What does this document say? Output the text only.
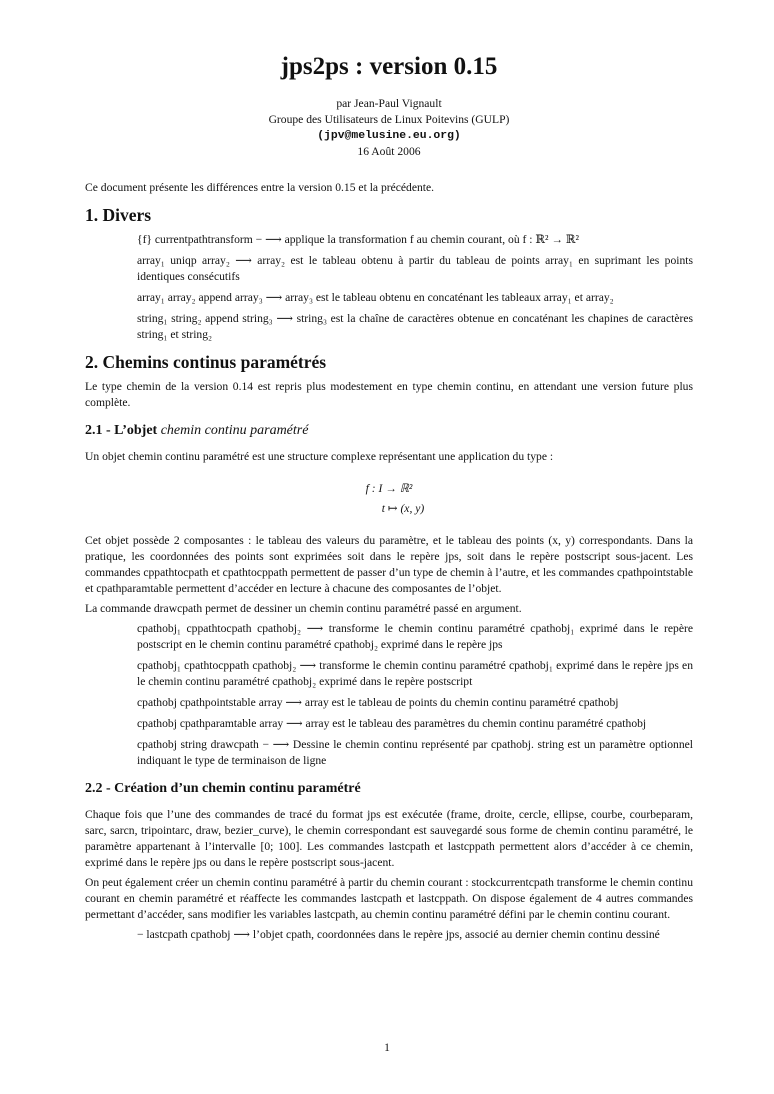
jps2ps : version 0.15
par Jean-Paul Vignault
Groupe des Utilisateurs de Linux Poitevins (GULP)
(jpv@melusine.eu.org)
16 Août 2006

Ce document présente les différences entre la version 0.15 et la précédente.

1. Divers

{f} currentpathtransform − ⟶ applique la transformation f au chemin courant, où f : ℝ² → ℝ²

array₁ uniqp array₂ ⟶ array₂ est le tableau obtenu à partir du tableau de points array₁ en suprimant les points identiques consécutifs

array₁ array₂ append array₃ ⟶ array₃ est le tableau obtenu en concaténant les tableaux array₁ et array₂

string₁ string₂ append string₃ ⟶ string₃ est la chaîne de caractères obtenue en concaténant les chapines de caractères string₁ et string₂

2. Chemins continus paramétrés

Le type chemin de la version 0.14 est repris plus modestement en type chemin continu, en attendant une version future plus complète.

2.1 - L’objet chemin continu paramétré

Un objet chemin continu paramétré est une structure complexe représentant une application du type :

f : I → ℝ²
t ↦ (x, y)

Cet objet possède 2 composantes : le tableau des valeurs du paramètre, et le tableau des points (x, y) correspondants. Dans la pratique, les coordonnées des points sont exprimées soit dans le repère jps, soit dans le repère postscript sous-jacent. Les commandes cppathtocpath et cpathtocppath permettent de passer d’un type de chemin à l’autre, et les commandes cpathpointstable et cpathparamtable permettent d’accéder en lecture à chacune des composantes de l’objet.

La commande drawcpath permet de dessiner un chemin continu paramétré passé en argument.

cpathobj₁ cppathtocpath cpathobj₂ ⟶ transforme le chemin continu paramétré cpathobj₁ exprimé dans le repère postscript en le chemin continu paramétré cpathobj₂ exprimé dans le repère jps

cpathobj₁ cpathtocppath cpathobj₂ ⟶ transforme le chemin continu paramétré cpathobj₁ exprimé dans le repère jps en le chemin continu paramétré cpathobj₂ exprimé dans le repère postscript

cpathobj cpathpointstable array ⟶ array est le tableau de points du chemin continu paramétré cpathobj

cpathobj cpathparamtable array ⟶ array est le tableau des paramètres du chemin continu paramétré cpathobj

cpathobj string drawcpath − ⟶ Dessine le chemin continu représenté par cpathobj. string est un paramètre optionnel indiquant le type de terminaison de ligne

2.2 - Création d’un chemin continu paramétré

Chaque fois que l’une des commandes de tracé du format jps est exécutée (frame, droite, cercle, ellipse, courbe, courbeparam, sarc, sarcn, tripointarc, draw, bezier_curve), le chemin correspondant est sauvegardé sous forme de chemin continu paramétré, le paramètre appartenant à l’intervalle [0; 100]. Les commandes lastcpath et lastcppath permettent alors d’accéder à ce chemin, exprimé dans le repère jps ou dans le repère postscript sous-jacent.

On peut également créer un chemin continu paramétré à partir du chemin courant : stockcurrentcpath transforme le chemin continu courant en chemin paramétré et réaffecte les commandes lastcpath et lastcppath. On dispose également de 4 autres commandes permettant d’accéder, sans modifier les variables lastcpath, au chemin continu paramétré défini par le chemin continu courant.

− lastcpath cpathobj ⟶ l’objet cpath, coordonnées dans le repère jps, associé au dernier chemin continu dessiné

1
